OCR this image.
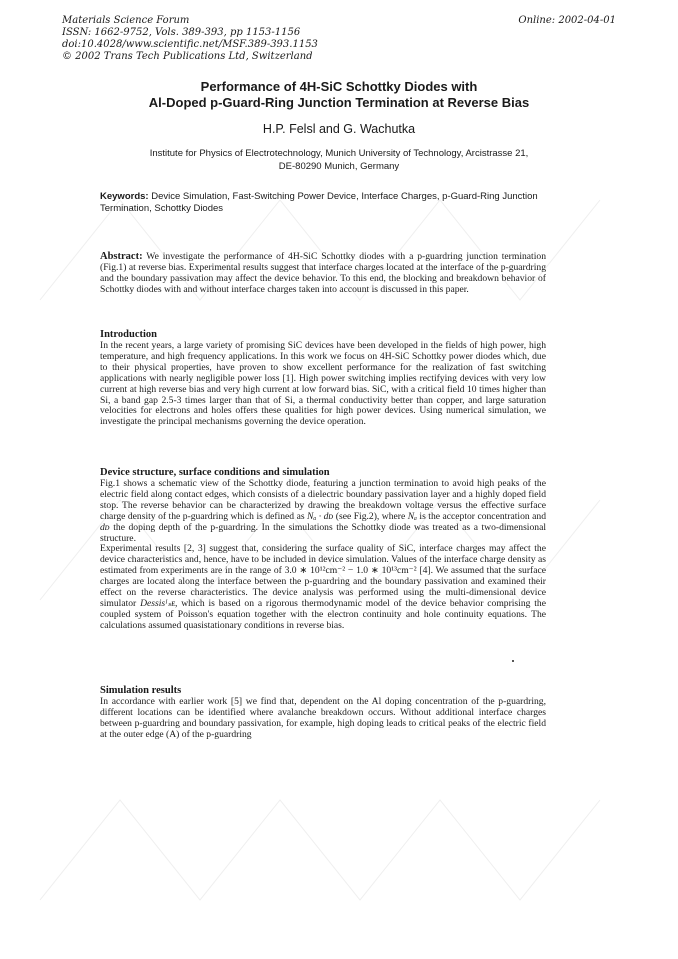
Materials Science Forum
ISSN: 1662-9752, Vols. 389-393, pp 1153-1156
doi:10.4028/www.scientific.net/MSF.389-393.1153
© 2002 Trans Tech Publications Ltd, Switzerland
Online: 2002-04-01
Performance of 4H-SiC Schottky Diodes with
Al-Doped p-Guard-Ring Junction Termination at Reverse Bias
H.P. Felsl and G. Wachutka
Institute for Physics of Electrotechnology, Munich University of Technology, Arcistrasse 21,
DE-80290 Munich, Germany
Keywords: Device Simulation, Fast-Switching Power Device, Interface Charges, p-Guard-Ring Junction Termination, Schottky Diodes

Abstract: We investigate the performance of 4H-SiC Schottky diodes with a p-guardring junction termination (Fig.1) at reverse bias. Experimental results suggest that interface charges located at the interface of the p-guardring and the boundary passivation may affect the device behavior. To this end, the blocking and breakdown behavior of Schottky diodes with and without interface charges taken into account is discussed in this paper.

Introduction

In the recent years, a large variety of promising SiC devices have been developed in the fields of high power, high temperature, and high frequency applications. In this work we focus on 4H-SiC Schottky power diodes which, due to their physical properties, have proven to show excellent performance for the realization of fast switching applications with nearly negligible power loss [1]. High power switching implies rectifying devices with very low current at high reverse bias and very high current at low forward bias. SiC, with a critical field 10 times higher than Si, a band gap 2.5-3 times larger than that of Si, a thermal conductivity better than copper, and large saturation velocities for electrons and holes offers these qualities for high power devices. Using numerical simulation, we investigate the principal mechanisms governing the device operation.

Device structure, surface conditions and simulation

Fig.1 shows a schematic view of the Schottky diode, featuring a junction termination to avoid high peaks of the electric field along contact edges, which consists of a dielectric boundary passivation layer and a highly doped field stop. The reverse behavior can be characterized by drawing the breakdown voltage versus the effective surface charge density of the p-guardring which is defined as Nₐ · dᴅ (see Fig.2), where Nₐ is the acceptor concentration and dᴅ the doping depth of the p-guardring. In the simulations the Schottky diode was treated as a two-dimensional structure.

Experimental results [2, 3] suggest that, considering the surface quality of SiC, interface charges may affect the device characteristics and, hence, have to be included in device simulation. Values of the interface charge density as estimated from experiments are in the range of 3.0 ∗ 10¹²cm⁻² − 1.0 ∗ 10¹³cm⁻² [4]. We assumed that the surface charges are located along the interface between the p-guardring and the boundary passivation and examined their effect on the reverse characteristics. The device analysis was performed using the multi-dimensional device simulator Dessisᴵₛᴇ, which is based on a rigorous thermodynamic model of the device behavior comprising the coupled system of Poisson's equation together with the electron continuity and hole continuity equations. The calculations assumed quasistationary conditions in reverse bias.

Simulation results

In accordance with earlier work [5] we find that, dependent on the Al doping concentration of the p-guardring, different locations can be identified where avalanche breakdown occurs. Without additional interface charges between p-guardring and boundary passivation, for example, high doping leads to critical peaks of the electric field at the outer edge (A) of the p-guardring
